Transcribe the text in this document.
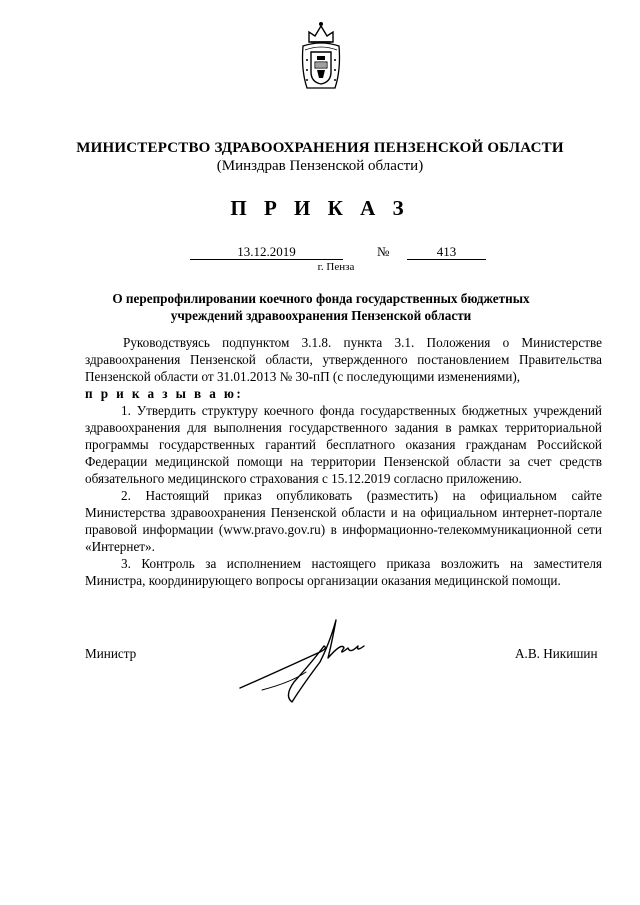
МИНИСТЕРСТВО ЗДРАВООХРАНЕНИЯ ПЕНЗЕНСКОЙ ОБЛАСТИ
(Минздрав Пензенской области)
П Р И К А З
13.12.2019	№	413
г. Пенза
О перепрофилировании коечного фонда государственных бюджетных
учреждений здравоохранения Пензенской области

Руководствуясь подпунктом 3.1.8. пункта 3.1. Положения о Министерстве здравоохранения Пензенской области, утвержденного постановлением Правительства Пензенской области от 31.01.2013 № 30-пП (с последующими изменениями),

п р и к а з ы в а ю:

1. Утвердить структуру коечного фонда государственных бюджетных учреждений здравоохранения для выполнения государственного задания в рамках территориальной программы государственных гарантий бесплатного оказания гражданам Российской Федерации медицинской помощи на территории Пензенской области за счет средств обязательного медицинского страхования с 15.12.2019 согласно приложению.

2. Настоящий приказ опубликовать (разместить) на официальном сайте Министерства здравоохранения Пензенской области и на официальном интернет-портале правовой информации (www.pravo.gov.ru) в информационно-телекоммуникационной сети «Интернет».

3. Контроль за исполнением настоящего приказа возложить на заместителя Министра, координирующего вопросы организации оказания медицинской помощи.

Министр	А.В. Никишин
